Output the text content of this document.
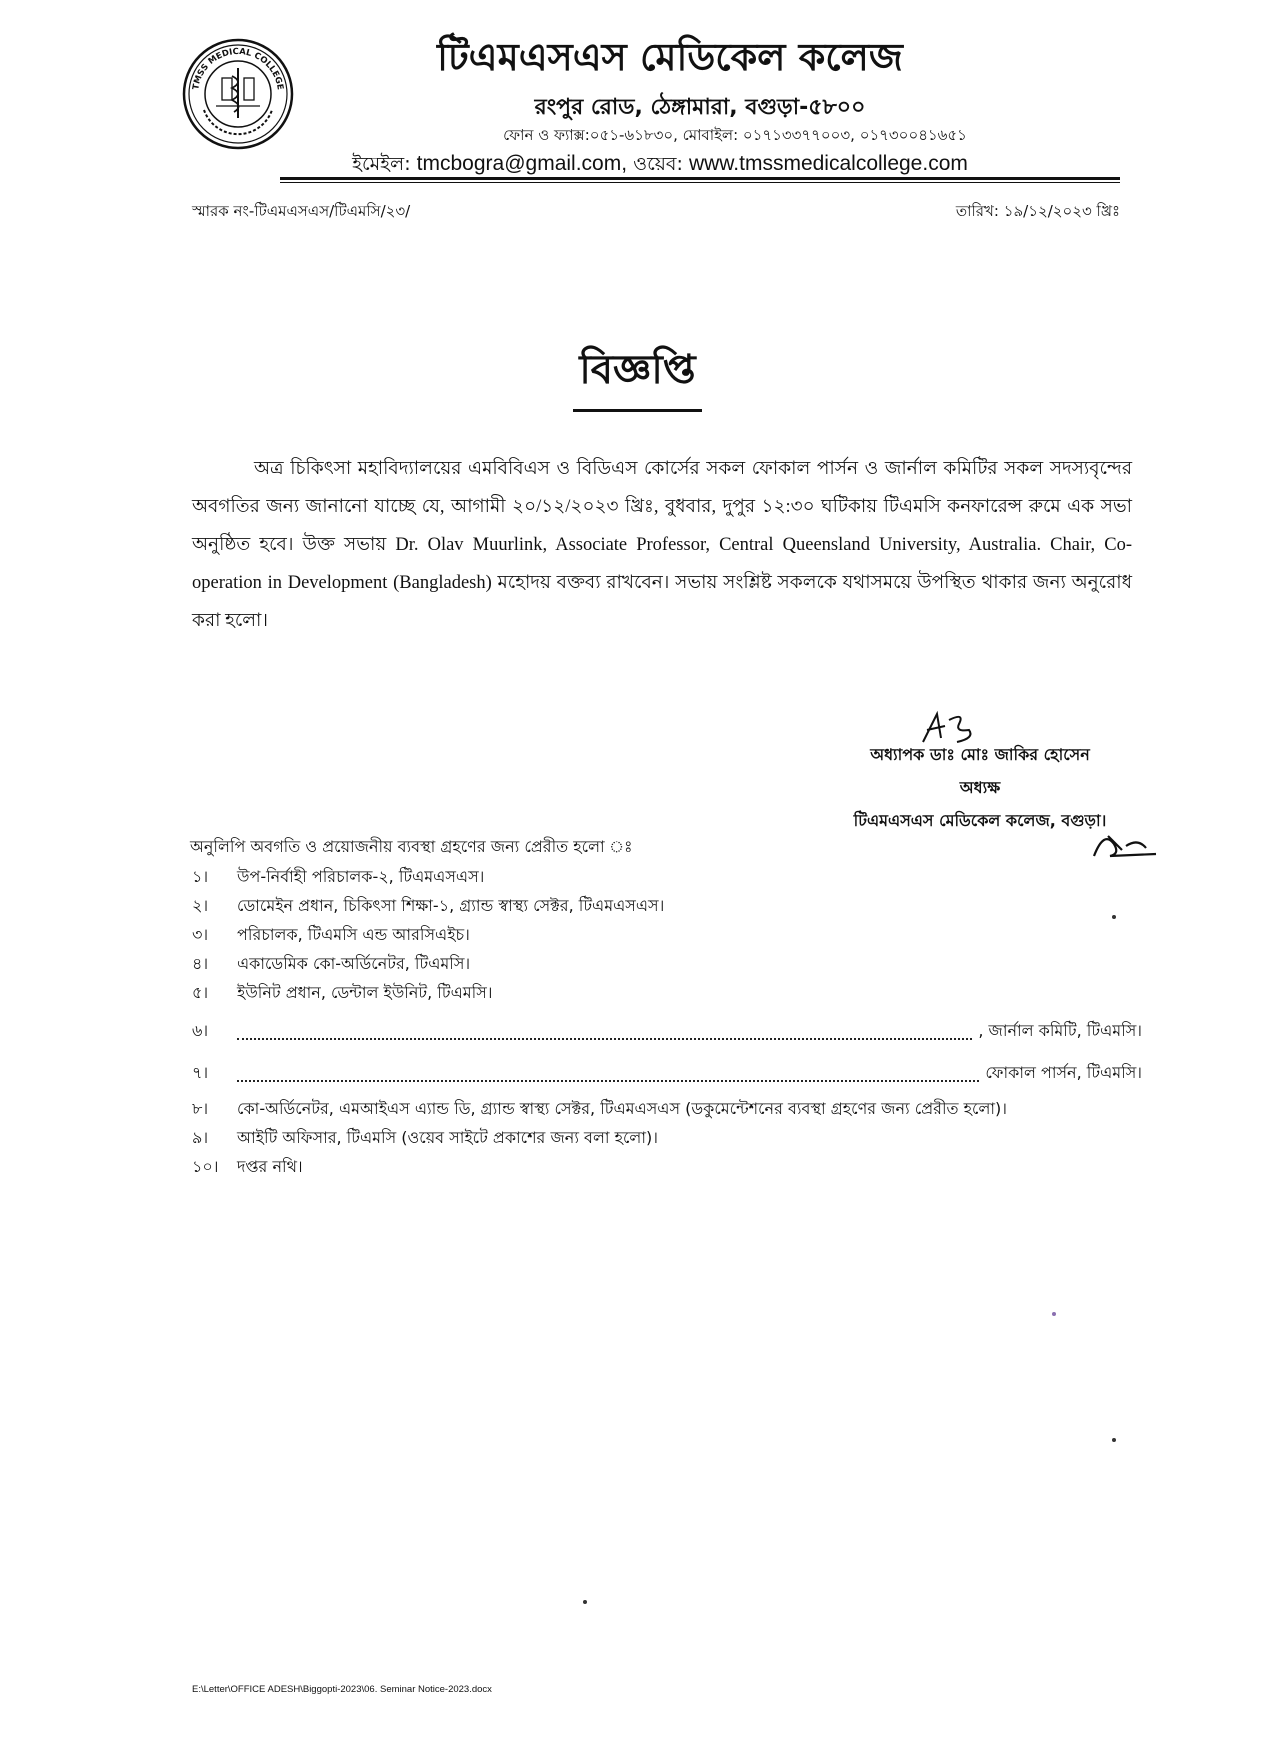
TMSS MEDICAL COLLEGE
টিএমএসএস মেডিকেল কলেজ
রংপুর রোড, ঠেঙ্গামারা, বগুড়া-৫৮০০
ফোন ও ফ্যাক্স:০৫১-৬১৮৩০, মোবাইল: ০১৭১৩৩৭৭০০৩, ০১৭৩০০৪১৬৫১
ইমেইল: tmcbogra@gmail.com, ওয়েব: www.tmssmedicalcollege.com
স্মারক নং-টিএমএসএস/টিএমসি/২৩/	তারিখ: ১৯/১২/২০২৩ খ্রিঃ
বিজ্ঞপ্তি

অত্র চিকিৎসা মহাবিদ্যালয়ের এমবিবিএস ও বিডিএস কোর্সের সকল ফোকাল পার্সন ও জার্নাল কমিটির সকল সদস্যবৃন্দের অবগতির জন্য জানানো যাচ্ছে যে, আগামী ২০/১২/২০২৩ খ্রিঃ, বুধবার, দুপুর ১২:৩০ ঘটিকায় টিএমসি কনফারেন্স রুমে এক সভা অনুষ্ঠিত হবে। উক্ত সভায় Dr. Olav Muurlink, Associate Professor, Central Queensland University, Australia. Chair, Co-operation in Development (Bangladesh) মহোদয় বক্তব্য রাখবেন। সভায় সংশ্লিষ্ট সকলকে যথাসময়ে উপস্থিত থাকার জন্য অনুরোধ করা হলো।

অধ্যাপক ডাঃ মোঃ জাকির হোসেন
অধ্যক্ষ
টিএমএসএস মেডিকেল কলেজ, বগুড়া।
অনুলিপি অবগতি ও প্রয়োজনীয় ব্যবস্থা গ্রহণের জন্য প্রেরীত হলো ঃ
১।	উপ-নির্বাহী পরিচালক-২, টিএমএসএস।
২।	ডোমেইন প্রধান, চিকিৎসা শিক্ষা-১, গ্র্যান্ড স্বাস্থ্য সেক্টর, টিএমএসএস।
৩।	পরিচালক, টিএমসি এন্ড আরসিএইচ।
৪।	একাডেমিক কো-অর্ডিনেটর, টিএমসি।
৫।	ইউনিট প্রধান, ডেন্টাল ইউনিট, টিএমসি।
৬।	, জার্নাল কমিটি, টিএমসি।
৭।	ফোকাল পার্সন, টিএমসি।
৮।	কো-অর্ডিনেটর, এমআইএস এ্যান্ড ডি, গ্র্যান্ড স্বাস্থ্য সেক্টর, টিএমএসএস (ডকুমেন্টেশনের ব্যবস্থা গ্রহণের জন্য প্রেরীত হলো)।
৯।	আইটি অফিসার, টিএমসি (ওয়েব সাইটে প্রকাশের জন্য বলা হলো)।
১০।	দপ্তর নথি।
E:\Letter\OFFICE ADESH\Biggopti-2023\06. Seminar Notice-2023.docx
